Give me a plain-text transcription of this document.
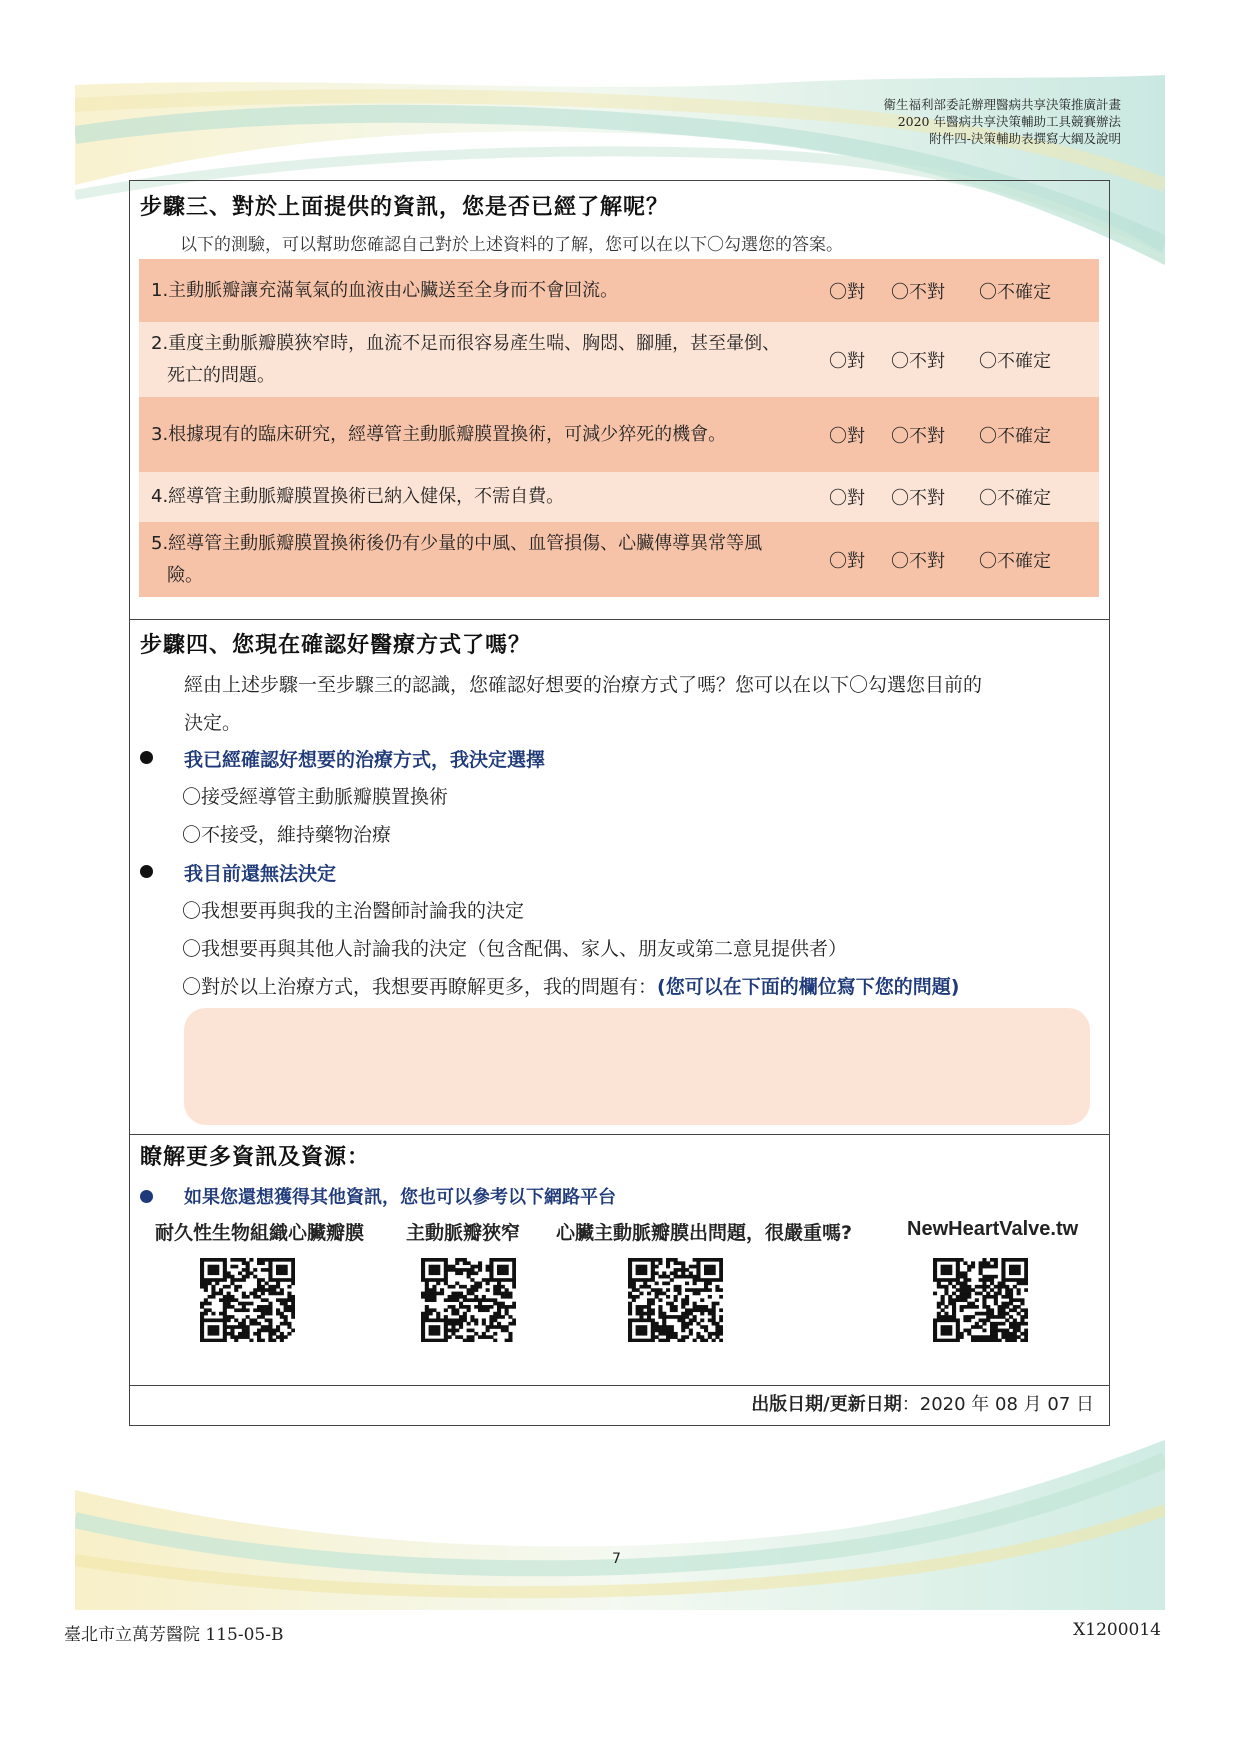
衛生福利部委託辦理醫病共享決策推廣計畫
2020 年醫病共享決策輔助工具競賽辦法
附件四-決策輔助表撰寫大綱及說明
步驟三、對於上面提供的資訊，您是否已經了解呢？
以下的測驗，可以幫助您確認自己對於上述資料的了解，您可以在以下〇勾選您的答案。
1.主動脈瓣讓充滿氧氣的血液由心臟送至全身而不會回流。	〇對	〇不對	〇不確定
2.重度主動脈瓣膜狹窄時，血流不足而很容易產生喘、胸悶、腳腫，甚至暈倒、
死亡的問題。
〇對	〇不對	〇不確定
3.根據現有的臨床研究，經導管主動脈瓣膜置換術，可減少猝死的機會。	〇對	〇不對	〇不確定
4.經導管主動脈瓣膜置換術已納入健保，不需自費。	〇對	〇不對	〇不確定
5.經導管主動脈瓣膜置換術後仍有少量的中風、血管損傷、心臟傳導異常等風
險。
〇對	〇不對	〇不確定
步驟四、您現在確認好醫療方式了嗎？
經由上述步驟一至步驟三的認識，您確認好想要的治療方式了嗎？您可以在以下〇勾選您目前的
決定。
我已經確認好想要的治療方式，我決定選擇
〇接受經導管主動脈瓣膜置換術
〇不接受，維持藥物治療
我目前還無法決定
〇我想要再與我的主治醫師討論我的決定
〇我想要再與其他人討論我的決定（包含配偶、家人、朋友或第二意見提供者）
〇對於以上治療方式，我想要再瞭解更多，我的問題有：(您可以在下面的欄位寫下您的問題)
瞭解更多資訊及資源：
如果您還想獲得其他資訊，您也可以參考以下網路平台
耐久性生物組織心臟瓣膜 主動脈瓣狹窄 心臟主動脈瓣膜出問題，很嚴重嗎?	NewHeartValve.tw
出版日期/更新日期：2020 年 08 月 07 日
7
臺北市立萬芳醫院 115-05-B	X1200014
